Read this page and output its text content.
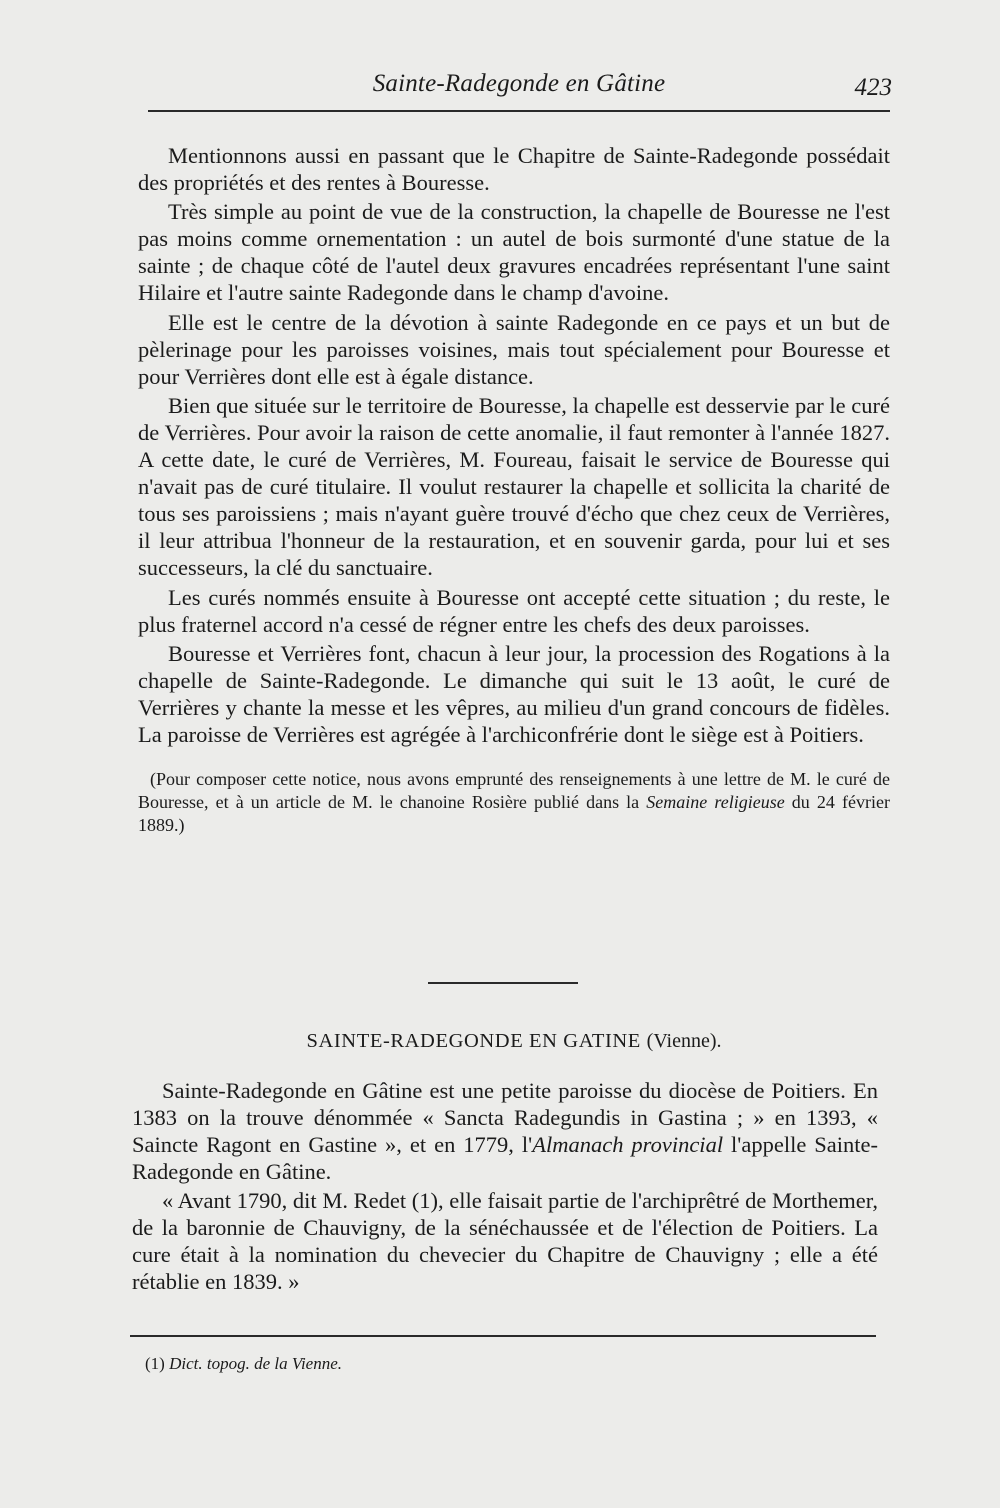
Sainte-Radegonde en Gâtine	423

Mentionnons aussi en passant que le Chapitre de Sainte-Radegonde possédait des propriétés et des rentes à Bouresse.

Très simple au point de vue de la construction, la chapelle de Bouresse ne l'est pas moins comme ornementation : un autel de bois surmonté d'une statue de la sainte ; de chaque côté de l'autel deux gravures encadrées représentant l'une saint Hilaire et l'autre sainte Radegonde dans le champ d'avoine.

Elle est le centre de la dévotion à sainte Radegonde en ce pays et un but de pèlerinage pour les paroisses voisines, mais tout spécialement pour Bouresse et pour Verrières dont elle est à égale distance.

Bien que située sur le territoire de Bouresse, la chapelle est desservie par le curé de Verrières. Pour avoir la raison de cette anomalie, il faut remonter à l'année 1827. A cette date, le curé de Verrières, M. Foureau, faisait le service de Bouresse qui n'avait pas de curé titulaire. Il voulut restaurer la chapelle et sollicita la charité de tous ses paroissiens ; mais n'ayant guère trouvé d'écho que chez ceux de Verrières, il leur attribua l'honneur de la restauration, et en souvenir garda, pour lui et ses successeurs, la clé du sanctuaire.

Les curés nommés ensuite à Bouresse ont accepté cette situation ; du reste, le plus fraternel accord n'a cessé de régner entre les chefs des deux paroisses.

Bouresse et Verrières font, chacun à leur jour, la procession des Rogations à la chapelle de Sainte-Radegonde. Le dimanche qui suit le 13 août, le curé de Verrières y chante la messe et les vêpres, au milieu d'un grand concours de fidèles. La paroisse de Verrières est agrégée à l'archiconfrérie dont le siège est à Poitiers.

(Pour composer cette notice, nous avons emprunté des renseignements à une lettre de M. le curé de Bouresse, et à un article de M. le chanoine Rosière publié dans la Semaine religieuse du 24 février 1889.)

SAINTE-RADEGONDE EN GATINE (Vienne).

Sainte-Radegonde en Gâtine est une petite paroisse du diocèse de Poitiers. En 1383 on la trouve dénommée « Sancta Radegundis in Gastina ; » en 1393, « Saincte Ragont en Gastine », et en 1779, l'Almanach provincial l'appelle Sainte-Radegonde en Gâtine.

« Avant 1790, dit M. Redet (1), elle faisait partie de l'archiprêtré de Morthemer, de la baronnie de Chauvigny, de la sénéchaussée et de l'élection de Poitiers. La cure était à la nomination du chevecier du Chapitre de Chauvigny ; elle a été rétablie en 1839. »

(1) Dict. topog. de la Vienne.
